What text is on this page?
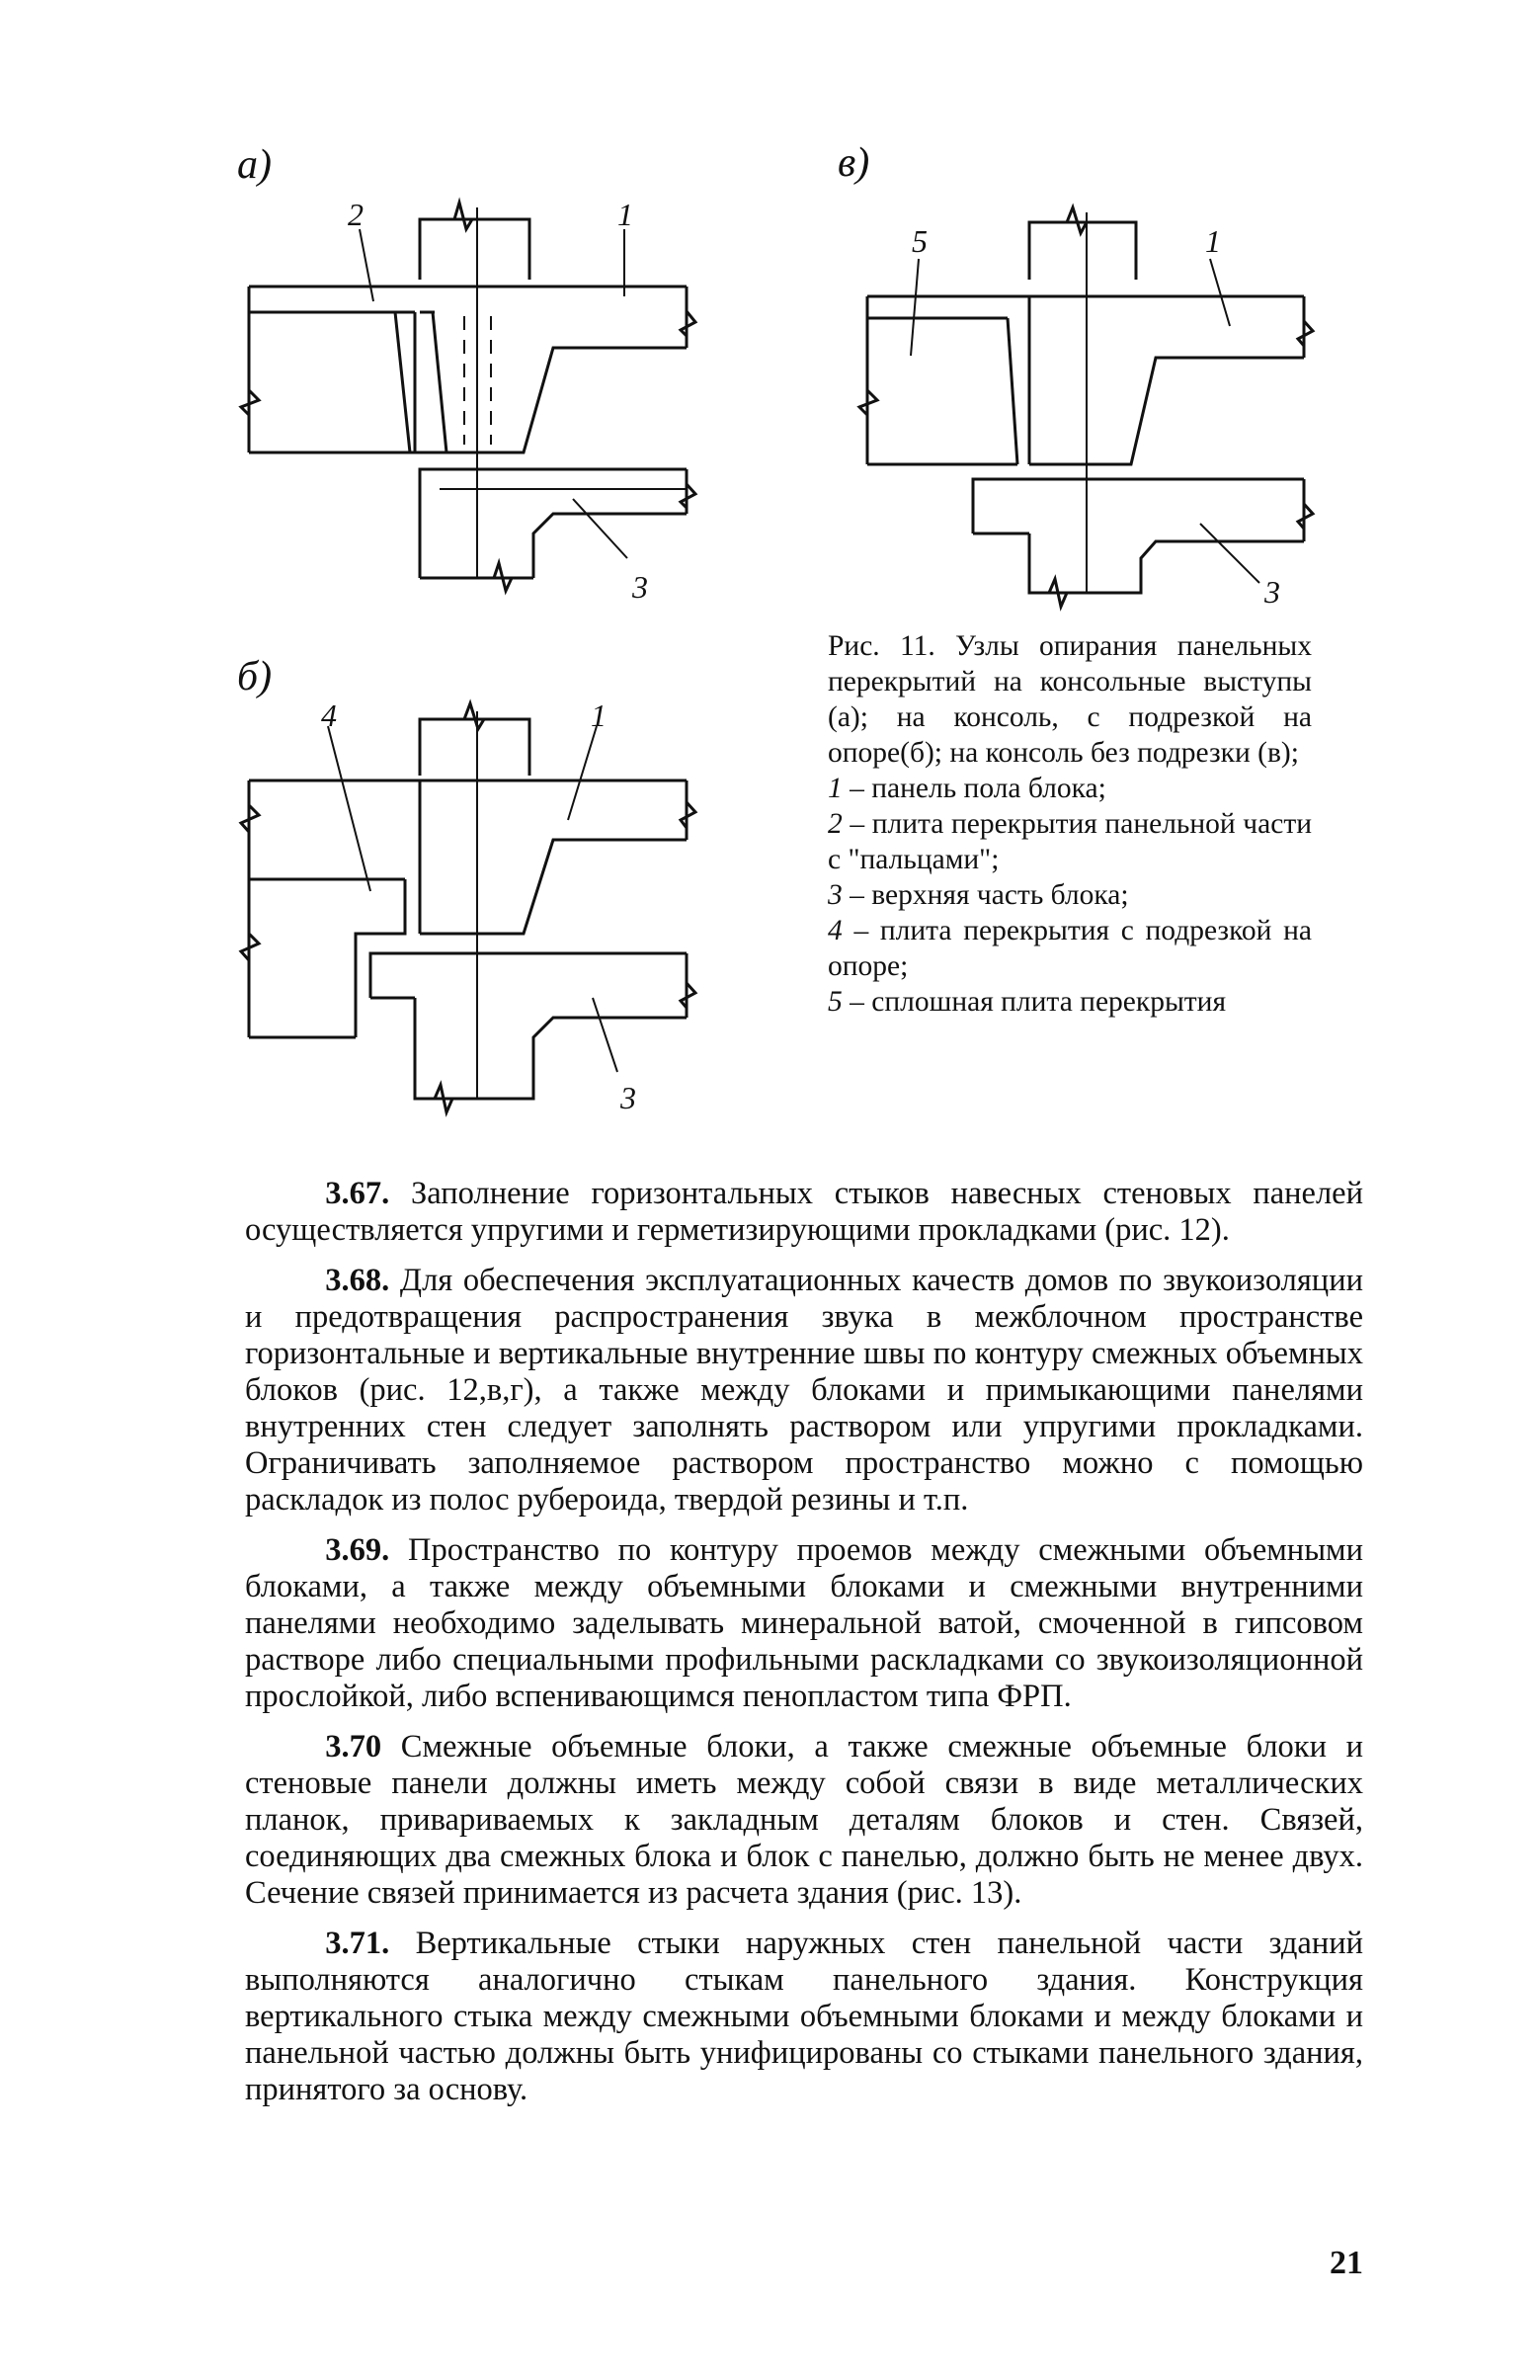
а)	в)
б)
2	1
3
4	1
3
5	1
3

Рис. 11. Узлы опирания панельных перекрытий на консольные выступы (а); на консоль, с подрезкой на опоре(б); на консоль без подрезки (в);

1 – панель пола блока;

2 – плита перекрытия панельной части с "пальцами";

3 – верхняя часть блока;

4 – плита перекрытия с подрезкой на опоре;

5 – сплошная плита перекрытия

   3.67. Заполнение горизонтальных стыков навесных стеновых панелей осуществляется упругими и герметизирующими прокладками (рис. 12).

   3.68. Для обеспечения эксплуатационных качеств домов по звукоизоляции и предотвращения распространения звука в межблочном пространстве горизонтальные и вертикальные внутренние швы по контуру смежных объемных блоков (рис. 12,в,г), а также между блоками и примыкающими панелями внутренних стен следует заполнять раствором или упругими прокладками. Ограничивать заполняемое раствором пространство можно с помощью раскладок из полос рубероида, твердой резины и т.п.

   3.69. Пространство по контуру проемов между смежными объемными блоками, а также между объемными блоками и смежными внутренними панелями необходимо заделывать минеральной ватой, смоченной в гипсовом растворе либо специальными профильными раскладками со звукоизоляционной прослойкой, либо вспенивающимся пенопластом типа ФРП.

   3.70 Смежные объемные блоки, а также смежные объемные блоки и стеновые панели должны иметь между собой связи в виде металлических планок, привариваемых к закладным деталям блоков и стен. Связей, соединяющих два смежных блока и блок с панелью, должно быть не менее двух. Сечение связей принимается из расчета здания (рис. 13).

   3.71. Вертикальные стыки наружных стен панельной части зданий выполняются аналогично стыкам панельного здания. Конструкция вертикального стыка между смежными объемными блоками и между блоками и панельной частью должны быть унифицированы со стыками панельного здания, принятого за основу.

21
